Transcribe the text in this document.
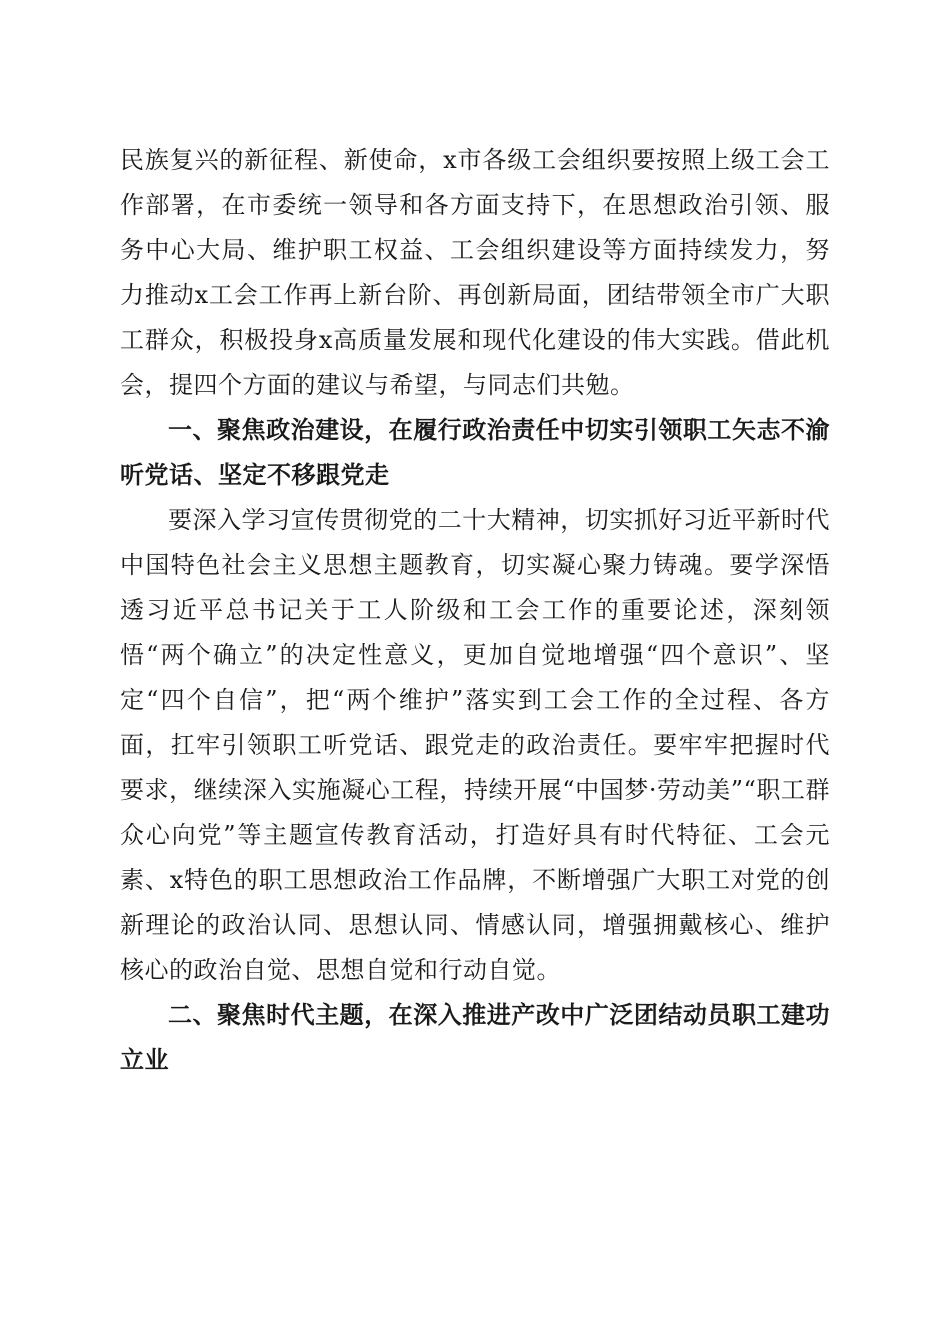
民族复兴的新征程、新使命，x市各级工会组织要按照上级工会工作部署，在市委统一领导和各方面支持下，在思想政治引领、服务中心大局、维护职工权益、工会组织建设等方面持续发力，努力推动x工会工作再上新台阶、再创新局面，团结带领全市广大职工群众，积极投身x高质量发展和现代化建设的伟大实践。借此机会，提四个方面的建议与希望，与同志们共勉。

一、聚焦政治建设，在履行政治责任中切实引领职工矢志不渝听党话、坚定不移跟党走

要深入学习宣传贯彻党的二十大精神，切实抓好习近平新时代中国特色社会主义思想主题教育，切实凝心聚力铸魂。要学深悟透习近平总书记关于工人阶级和工会工作的重要论述，深刻领悟“两个确立”的决定性意义，更加自觉地增强“四个意识”、坚定“四个自信”，把“两个维护”落实到工会工作的全过程、各方面，扛牢引领职工听党话、跟党走的政治责任。要牢牢把握时代要求，继续深入实施凝心工程，持续开展“中国梦·劳动美”“职工群众心向党”等主题宣传教育活动，打造好具有时代特征、工会元素、x特色的职工思想政治工作品牌，不断增强广大职工对党的创新理论的政治认同、思想认同、情感认同，增强拥戴核心、维护核心的政治自觉、思想自觉和行动自觉。

二、聚焦时代主题，在深入推进产改中广泛团结动员职工建功立业
